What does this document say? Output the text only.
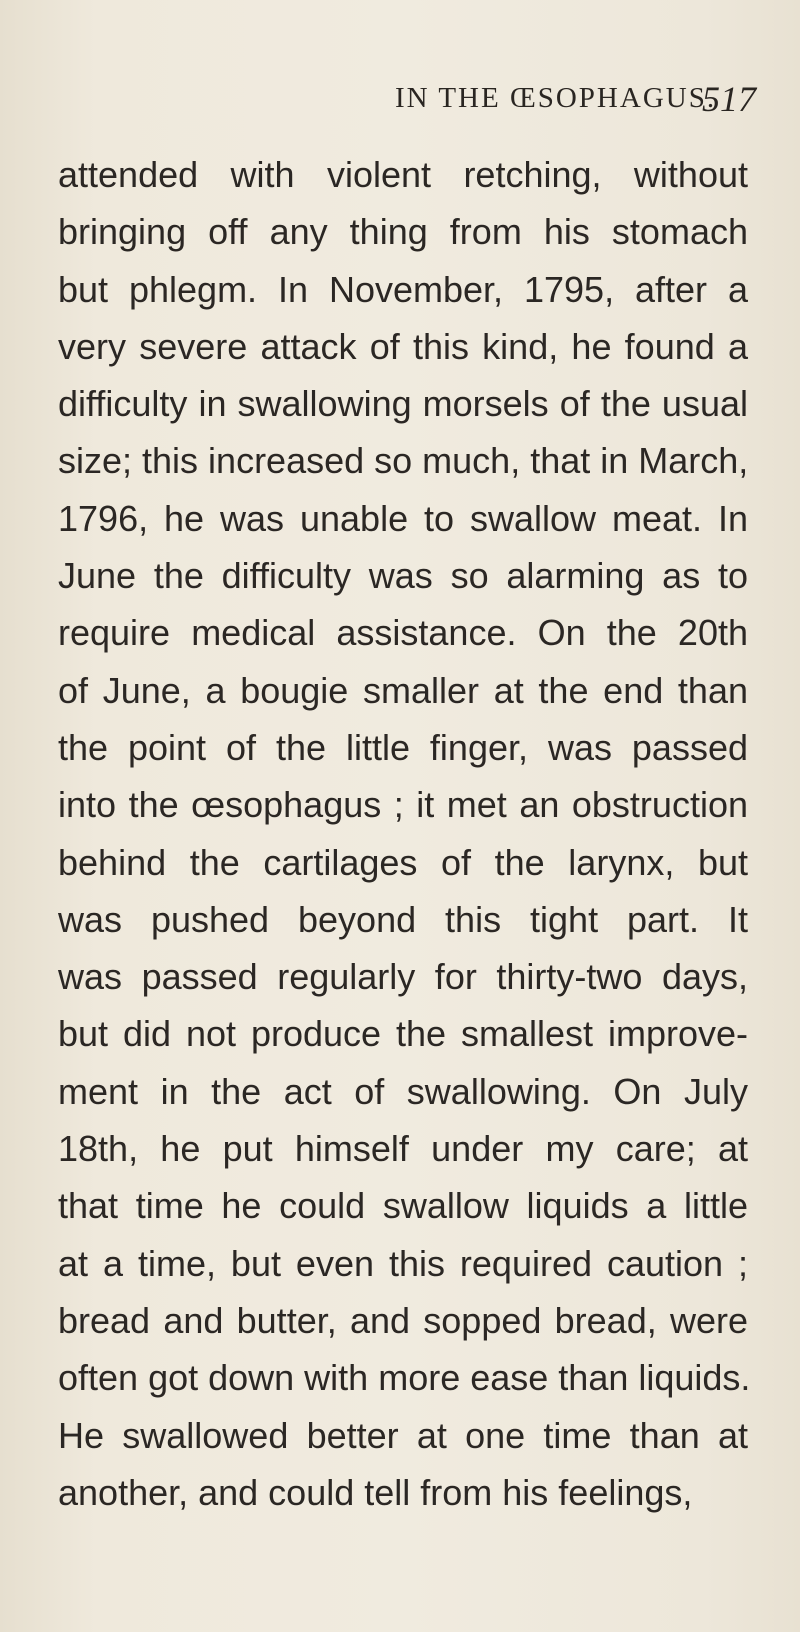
IN THE ŒSOPHAGUS.
517
attended with violent retching, without
bringing off any thing from his stomach
but phlegm. In November, 1795, after a
very severe attack of this kind, he found a
difficulty in swallowing morsels of the usual
size; this increased so much, that in March,
1796, he was unable to swallow meat. In
June the difficulty was so alarming as to
require medical assistance. On the 20th
of June, a bougie smaller at the end than
the point of the little finger, was passed
into the œsophagus ; it met an obstruction
behind the cartilages of the larynx, but
was pushed beyond this tight part. It
was passed regularly for thirty-two days,
but did not produce the smallest improve-
ment in the act of swallowing. On July
18th, he put himself under my care; at
that time he could swallow liquids a little
at a time, but even this required caution ;
bread and butter, and sopped bread, were
often got down with more ease than liquids.
He swallowed better at one time than at
another, and could tell from his feelings,
